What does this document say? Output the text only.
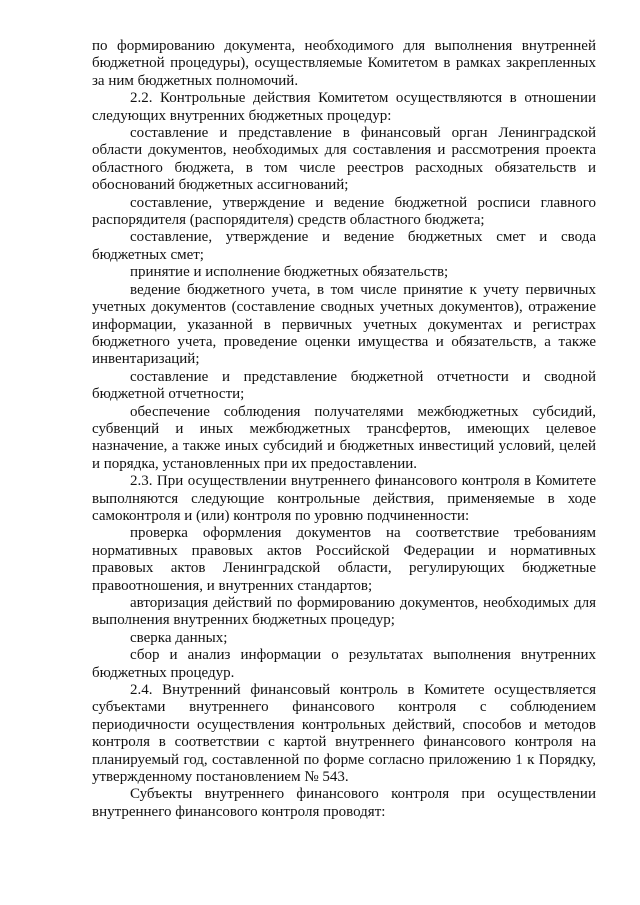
по формированию документа, необходимого для выполнения внутренней бюджетной процедуры), осуществляемые Комитетом в рамках закрепленных за ним бюджетных полномочий.

2.2. Контрольные действия Комитетом осуществляются в отношении следующих внутренних бюджетных процедур:

составление и представление в финансовый орган Ленинградской области документов, необходимых для составления и рассмотрения проекта областного бюджета, в том числе реестров расходных обязательств и обоснований бюджетных ассигнований;

составление, утверждение и ведение бюджетной росписи главного распорядителя (распорядителя) средств областного бюджета;

составление, утверждение и ведение бюджетных смет и свода бюджетных смет;

принятие и исполнение бюджетных обязательств;

ведение бюджетного учета, в том числе принятие к учету первичных учетных документов (составление сводных учетных документов), отражение информации, указанной в первичных учетных документах и регистрах бюджетного учета, проведение оценки имущества и обязательств, а также инвентаризаций;

составление и представление бюджетной отчетности и сводной бюджетной отчетности;

обеспечение соблюдения получателями межбюджетных субсидий, субвенций и иных межбюджетных трансфертов, имеющих целевое назначение, а также иных субсидий и бюджетных инвестиций условий, целей и порядка, установленных при их предоставлении.

2.3. При осуществлении внутреннего финансового контроля в Комитете выполняются следующие контрольные действия, применяемые в ходе самоконтроля и (или) контроля по уровню подчиненности:

проверка оформления документов на соответствие требованиям нормативных правовых актов Российской Федерации и нормативных правовых актов Ленинградской области, регулирующих бюджетные правоотношения, и внутренних стандартов;

авторизация действий по формированию документов, необходимых для выполнения внутренних бюджетных процедур;

сверка данных;

сбор и анализ информации о результатах выполнения внутренних бюджетных процедур.

2.4. Внутренний финансовый контроль в Комитете осуществляется субъектами внутреннего финансового контроля с соблюдением периодичности осуществления контрольных действий, способов и методов контроля в соответствии с картой внутреннего финансового контроля на планируемый год, составленной по форме согласно приложению 1 к Порядку, утвержденному постановлением № 543.

Субъекты внутреннего финансового контроля при осуществлении внутреннего финансового контроля проводят:
